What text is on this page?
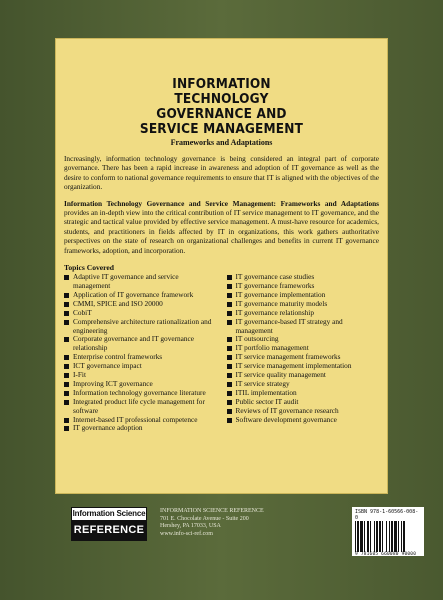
INFORMATION
TECHNOLOGY
GOVERNANCE AND
SERVICE MANAGEMENT
Frameworks and Adaptations
Increasingly, information technology governance is being considered an integral part of corporate governance. There has been a rapid increase in awareness and adoption of IT governance as well as the desire to conform to national governance requirements to ensure that IT is aligned with the objectives of the organization.
Information Technology Governance and Service Management: Frameworks and Adaptations provides an in-depth view into the critical contribution of IT service management to IT governance, and the strategic and tactical value provided by effective service management. A must-have resource for academics, students, and practitioners in fields affected by IT in organizations, this work gathers authoritative perspectives on the state of research on organizational challenges and benefits in current IT governance frameworks, adoption, and incorporation.
Topics Covered
Adaptive IT governance and service management
Application of IT governance framework
CMMI, SPICE and ISO 20000
CobiT
Comprehensive architecture rationalization and engineering
Corporate governance and IT governance relationship
Enterprise control frameworks
ICT governance impact
I-Fit
Improving ICT governance
Information technology governance literature
Integrated product life cycle management for software
Internet-based IT professional competence
IT governance adoption
IT governance case studies
IT governance frameworks
IT governance implementation
IT governance maturity models
IT governance relationship
IT governance-based IT strategy and management
IT outsourcing
IT portfolio management
IT service management frameworks
IT service management implementation
IT service quality management
IT service strategy
ITIL implementation
Public sector IT audit
Reviews of IT governance research
Software development governance
Information Science
REFERENCE
INFORMATION SCIENCE REFERENCE
701 E. Chocolate Avenue - Suite 200
Hershey, PA 17033, USA
www.info-sci-ref.com
ISBN 978-1-60566-008-0
9 781605 660080 90000
